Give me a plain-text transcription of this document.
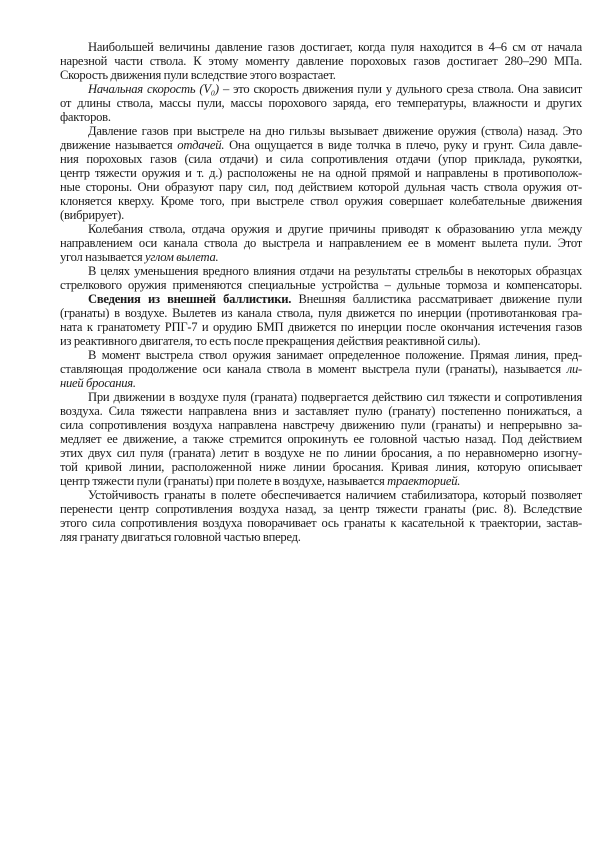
Наибольшей величины давление газов достигает, когда пуля находится в 4–6 см от начала
нарезной части ствола. К этому моменту давление пороховых газов достигает 280–290 МПа.
Скорость движения пули вследствие этого возрастает.
Начальная скорость (V₀) – это скорость движения пули у дульного среза ствола. Она зависит
от длины ствола, массы пули, массы порохового заряда, его температуры, влажности и других
факторов.
Давление газов при выстреле на дно гильзы вызывает движение оружия (ствола) назад. Это
движение называется отдачей. Она ощущается в виде толчка в плечо, руку и грунт. Сила давле-
ния пороховых газов (сила отдачи) и сила сопротивления отдачи (упор приклада, рукоятки,
центр тяжести оружия и т. д.) расположены не на одной прямой и направлены в противополож-
ные стороны. Они образуют пару сил, под действием которой дульная часть ствола оружия от-
клоняется кверху. Кроме того, при выстреле ствол оружия совершает колебательные движения
(вибрирует).
Колебания ствола, отдача оружия и другие причины приводят к образованию угла между
направлением оси канала ствола до выстрела и направлением ее в момент вылета пули. Этот
угол называется углом вылета.
В целях уменьшения вредного влияния отдачи на результаты стрельбы в некоторых образцах
стрелкового оружия применяются специальные устройства – дульные тормоза и компенсаторы.
Сведения из внешней баллистики. Внешняя баллистика рассматривает движение пули
(гранаты) в воздухе. Вылетев из канала ствола, пуля движется по инерции (противотанковая гра-
ната к гранатомету РПГ-7 и орудию БМП движется по инерции после окончания истечения газов
из реактивного двигателя, то есть после прекращения действия реактивной силы).
В момент выстрела ствол оружия занимает определенное положение. Прямая линия, пред-
ставляющая продолжение оси канала ствола в момент выстрела пули (гранаты), называется ли-
нией бросания.
При движении в воздухе пуля (граната) подвергается действию сил тяжести и сопротивления
воздуха. Сила тяжести направлена вниз и заставляет пулю (гранату) постепенно понижаться, а
сила сопротивления воздуха направлена навстречу движению пули (гранаты) и непрерывно за-
медляет ее движение, а также стремится опрокинуть ее головной частью назад. Под действием
этих двух сил пуля (граната) летит в воздухе не по линии бросания, а по неравномерно изогну-
той кривой линии, расположенной ниже линии бросания. Кривая линия, которую описывает
центр тяжести пули (гранаты) при полете в воздухе, называется траекторией.
Устойчивость гранаты в полете обеспечивается наличием стабилизатора, который позволяет
перенести центр сопротивления воздуха назад, за центр тяжести гранаты (рис. 8). Вследствие
этого сила сопротивления воздуха поворачивает ось гранаты к касательной к траектории, застав-
ляя гранату двигаться головной частью вперед.
